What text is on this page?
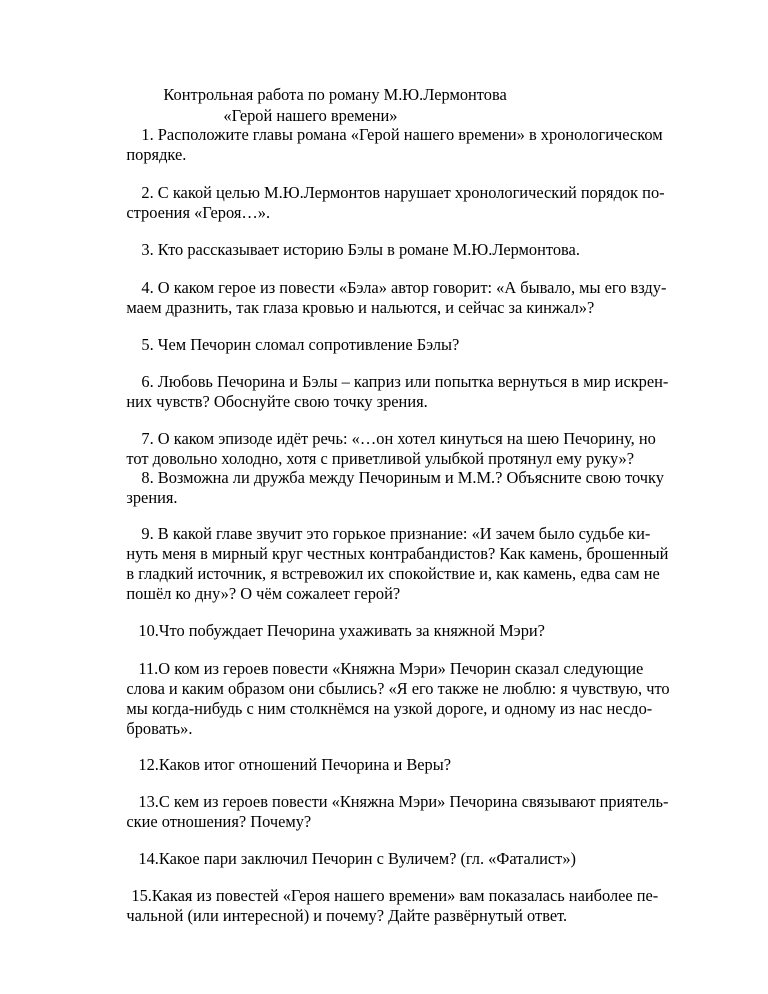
Контрольная работа по роману М.Ю.Лермонтова

«Герой нашего времени»

1. Расположите главы романа «Герой нашего времени» в хронологическом

порядке.

2. С какой целью М.Ю.Лермонтов нарушает хронологический порядок по-

строения «Героя…».

3. Кто рассказывает историю Бэлы в романе М.Ю.Лермонтова.

4. О каком герое из повести «Бэла» автор говорит: «А бывало, мы его взду-

маем дразнить, так глаза кровью и нальются, и сейчас за кинжал»?

5. Чем Печорин сломал сопротивление Бэлы?

6. Любовь Печорина и Бэлы – каприз или попытка вернуться в мир искрен-

них чувств? Обоснуйте свою точку зрения.

7. О каком эпизоде идёт речь: «…он хотел кинуться на шею Печорину, но

тот довольно холодно, хотя с приветливой улыбкой протянул ему руку»?

8. Возможна ли дружба между Печориным и М.М.? Объясните свою точку

зрения.

9. В какой главе звучит это горькое признание: «И зачем было судьбе ки-

нуть меня в мирный круг честных контрабандистов? Как камень, брошенный

в гладкий источник, я встревожил их спокойствие и, как камень, едва сам не

пошёл ко дну»? О чём сожалеет герой?

10.Что побуждает Печорина ухаживать за княжной Мэри?

11.О ком из героев повести «Княжна Мэри» Печорин сказал следующие

слова и каким образом они сбылись? «Я его также не люблю: я чувствую, что

мы когда-нибудь с ним столкнёмся на узкой дороге, и одному из нас несдо-

бровать».

12.Каков итог отношений Печорина и Веры?

13.С кем из героев повести «Княжна Мэри» Печорина связывают приятель-

ские отношения? Почему?

14.Какое пари заключил Печорин с Вуличем? (гл. «Фаталист»)

15.Какая из повестей «Героя нашего времени» вам показалась наиболее пе-

чальной (или интересной) и почему? Дайте развёрнутый ответ.
